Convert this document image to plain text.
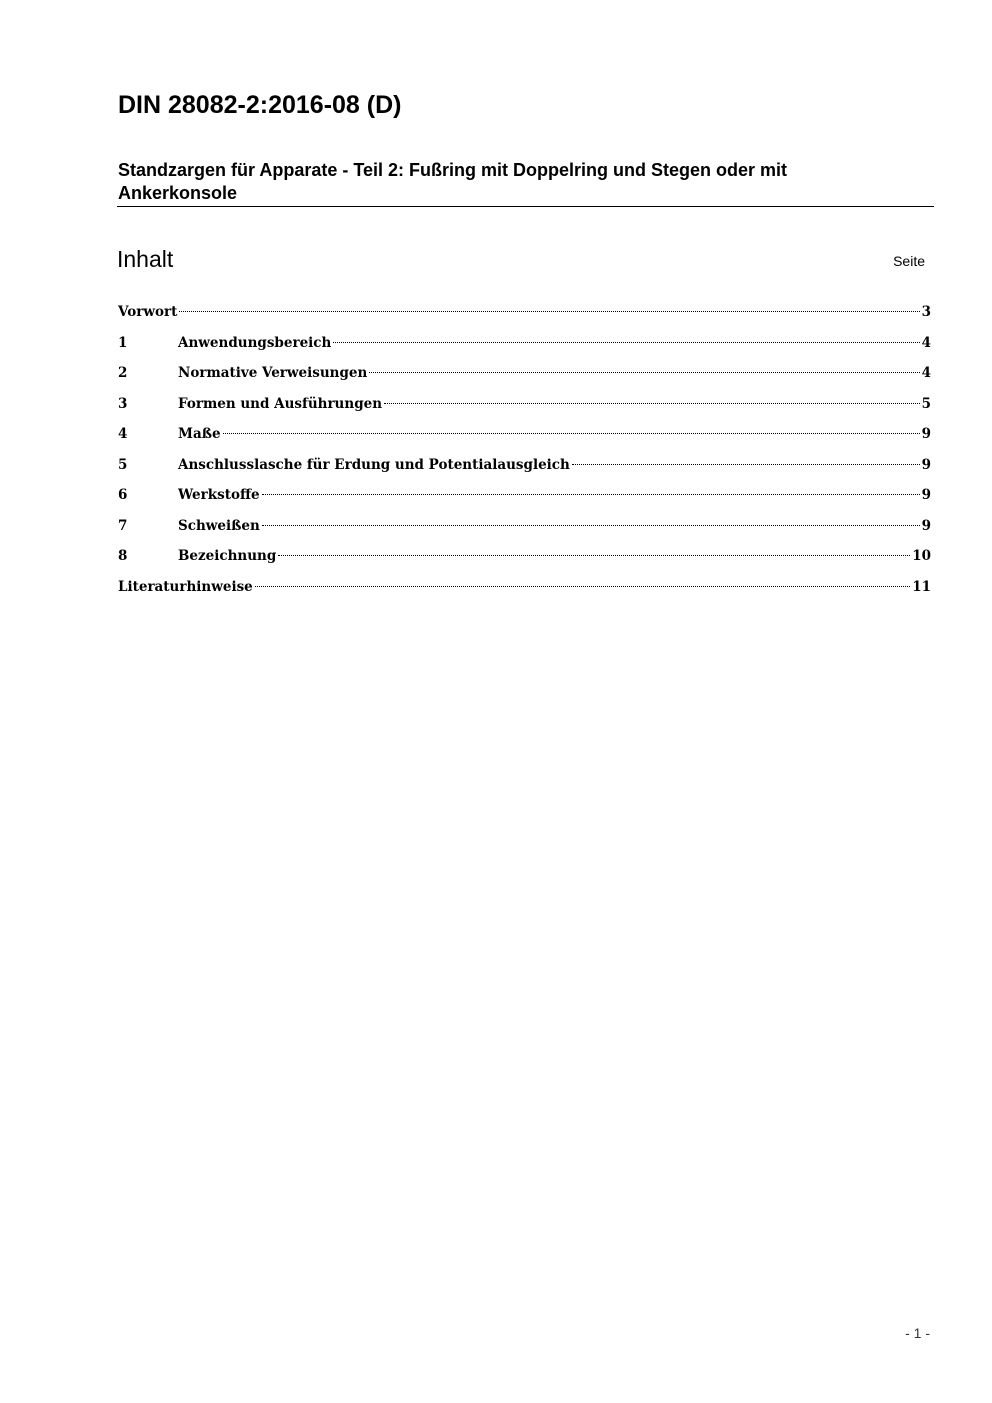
DIN 28082-2:2016-08 (D)
Standzargen für Apparate - Teil 2: Fußring mit Doppelring und Stegen oder mit
Ankerkonsole
Inhalt	Seite
Vorwort	3
1	Anwendungsbereich	4
2	Normative Verweisungen	4
3	Formen und Ausführungen	5
4	Maße	9
5	Anschlusslasche für Erdung und Potentialausgleich	9
6	Werkstoffe	9
7	Schweißen	9
8	Bezeichnung	10
Literaturhinweise	11
- 1 -
